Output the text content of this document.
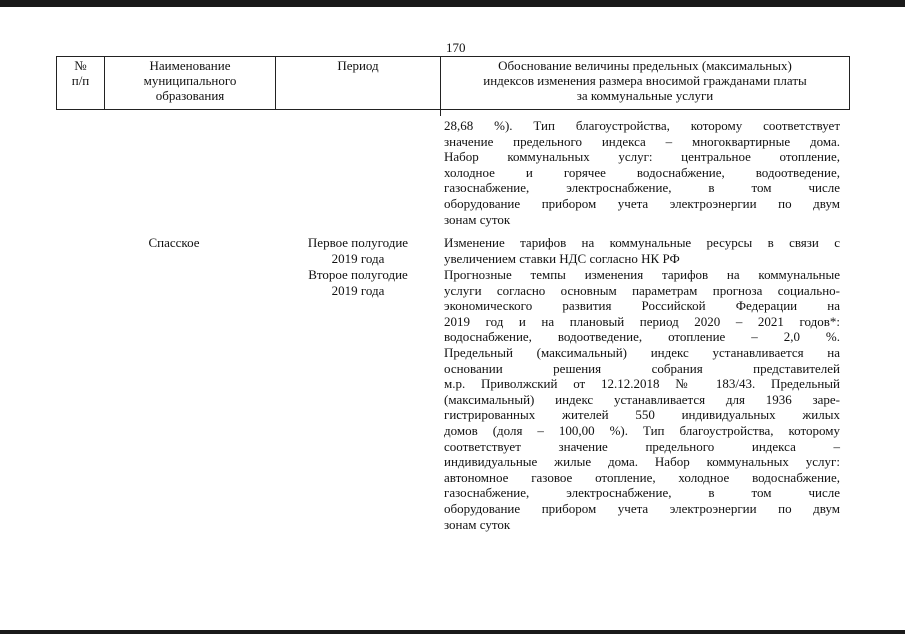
170
№
п/п
Наименование
муниципального
образования
Период	Обоснование величины предельных (максимальных)
индексов изменения размера вносимой гражданами платы
за коммунальные услуги
28,68 %). Тип благоустройства, которому соответствует
значение предельного индекса – многоквартирные дома.
Набор коммунальных услуг: центральное отопление,
холодное и горячее водоснабжение, водоотведение,
газоснабжение, электроснабжение, в том числе
оборудование прибором учета электроэнергии по двум
зонам суток
Спасское	Первое полугодие
2019 года
Второе полугодие
2019 года
Изменение тарифов на коммунальные ресурсы в связи с
увеличением ставки НДС согласно НК РФ
Прогнозные темпы изменения тарифов на коммунальные
услуги согласно основным параметрам прогноза социально-
экономического развития Российской Федерации на
2019 год и на плановый период 2020 – 2021 годов*:
водоснабжение, водоотведение, отопление – 2,0 %.
Предельный (максимальный) индекс устанавливается на
основании решения собрания представителей
м.р. Приволжский от 12.12.2018 № 183/43. Предельный
(максимальный) индекс устанавливается для 1936 заре-
гистрированных жителей 550 индивидуальных жилых
домов (доля – 100,00 %). Тип благоустройства, которому
соответствует значение предельного индекса –
индивидуальные жилые дома. Набор коммунальных услуг:
автономное газовое отопление, холодное водоснабжение,
газоснабжение, электроснабжение, в том числе
оборудование прибором учета электроэнергии по двум
зонам суток
